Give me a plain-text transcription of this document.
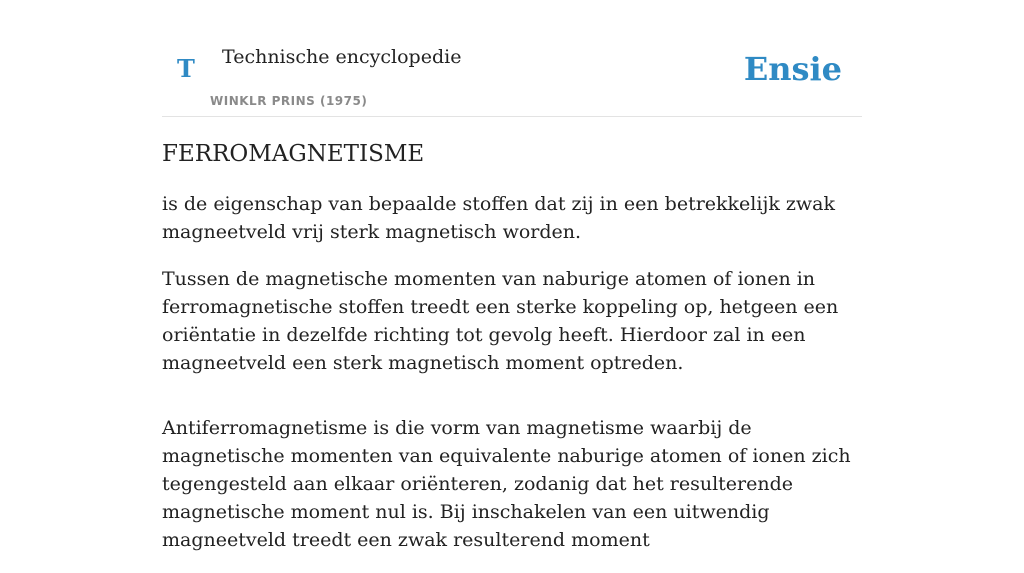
T Technische encyclopedie
WINKLR PRINS (1975)
Ensie
FERROMAGNETISME

is de eigenschap van bepaalde stoffen dat zij in een betrekkelijk zwak magneetveld vrij sterk magnetisch worden.

Tussen de magnetische momenten van naburige atomen of ionen in ferromagnetische stoffen treedt een sterke koppeling op, hetgeen een oriëntatie in dezelfde richting tot gevolg heeft. Hierdoor zal in een magneetveld een sterk magnetisch moment optreden.

Antiferromagnetisme is die vorm van magnetisme waarbij de magnetische momenten van equivalente naburige atomen of ionen zich tegengesteld aan elkaar oriënteren, zodanig dat het resulterende magnetische moment nul is. Bij inschakelen van een uitwendig magneetveld treedt een zwak resulterend moment
